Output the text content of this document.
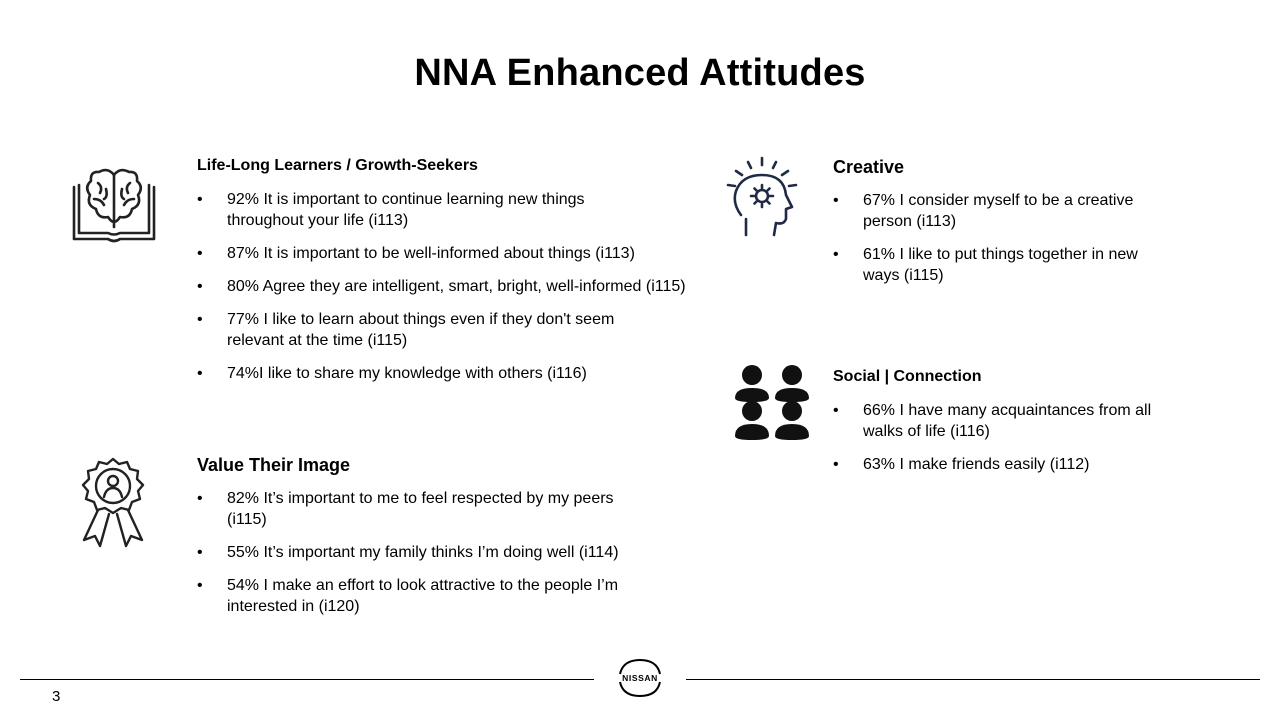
NNA Enhanced Attitudes
Life-Long Learners / Growth-Seekers
• 92% It is important to continue learning new things throughout your life (i113)
• 87% It is important to be well-informed about things (i113)
• 80% Agree they are intelligent, smart, bright, well-informed (i115)
• 77% I like to learn about things even if they don't seem relevant at the time (i115)
• 74%I like to share my knowledge with others (i116)
Value Their Image
• 82% It’s important to me to feel respected by my peers (i115)
• 55% It’s important my family thinks I’m doing well (i114)
• 54% I make an effort to look attractive to the people I’m interested in (i120)
Creative
• 67% I consider myself to be a creative person (i113)
• 61% I like to put things together in new ways (i115)
Social | Connection
• 66% I have many acquaintances from all walks of life (i116)
• 63% I make friends easily (i112)
NISSAN
3
